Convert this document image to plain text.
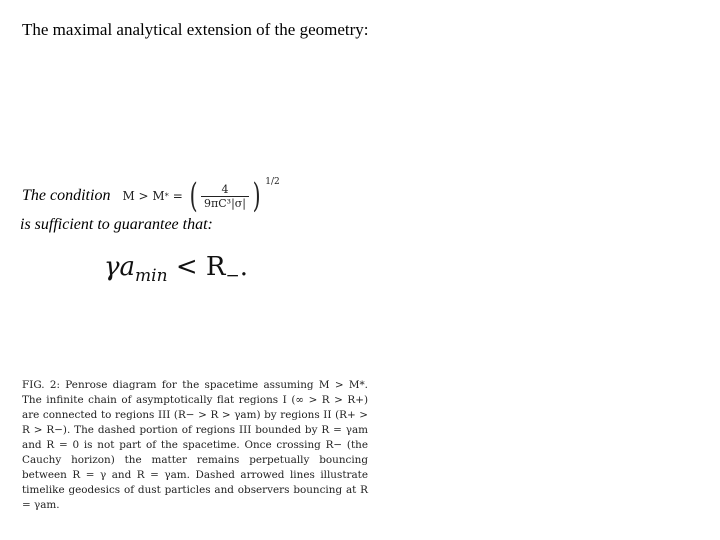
The maximal analytical extension of the geometry:
The condition M > M * = ( $\frac{4}{\text{9πC³|σ|}}$ ) 1/2
is sufficient to guarantee that:
$\gamma a_{min} < R_-$.
FIG. 2: Penrose diagram for the spacetime assuming M > M*. The infinite chain of asymptotically flat regions I (∞ > R > R+) are connected to regions III (R− > R > γam) by regions II (R+ > R > R−). The dashed portion of regions III bounded by R = γam and R = 0 is not part of the spacetime. Once crossing R− (the Cauchy horizon) the matter remains perpetually bouncing between R = γ and R = γam. Dashed arrowed lines illustrate timelike geodesics of dust particles and observers bouncing at R = γam.
